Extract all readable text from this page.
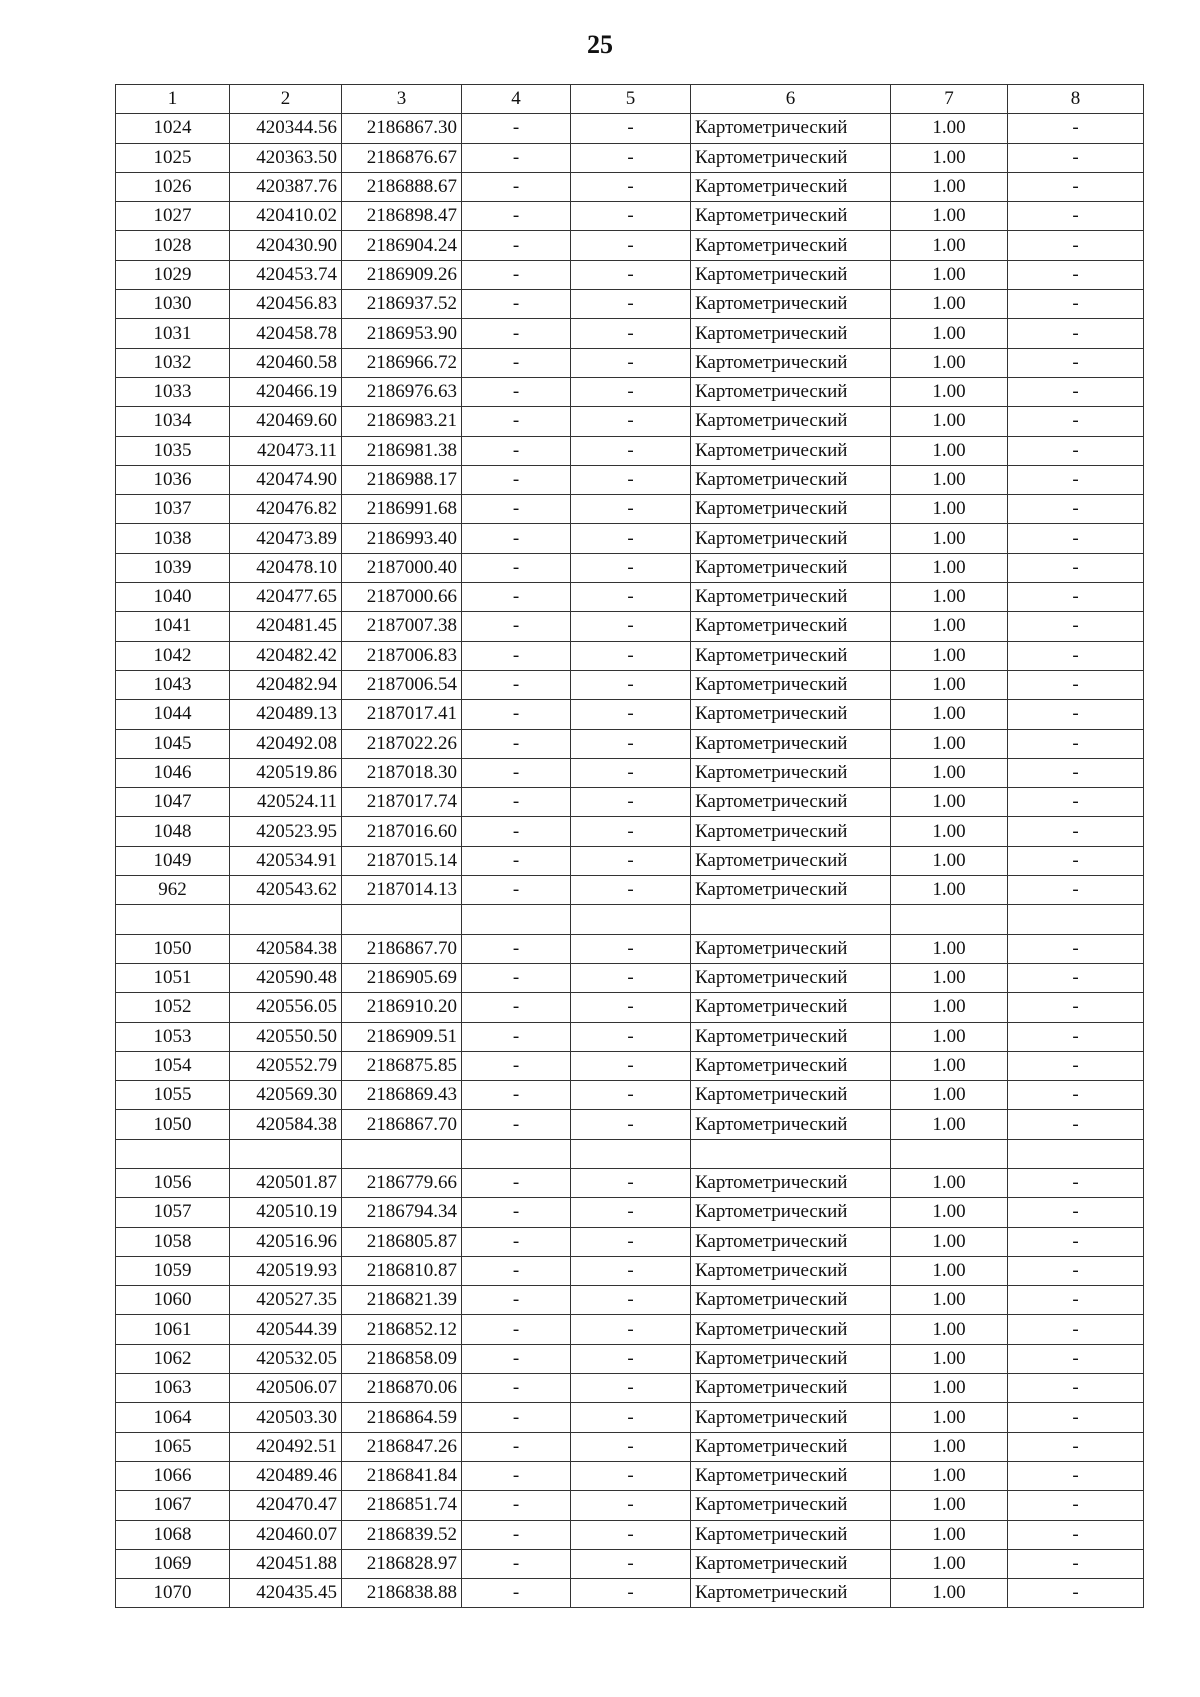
25
1	2	3	4	5	6	7	8
1024	420344.56	2186867.30	-	-	Картометрический	1.00	-
1025	420363.50	2186876.67	-	-	Картометрический	1.00	-
1026	420387.76	2186888.67	-	-	Картометрический	1.00	-
1027	420410.02	2186898.47	-	-	Картометрический	1.00	-
1028	420430.90	2186904.24	-	-	Картометрический	1.00	-
1029	420453.74	2186909.26	-	-	Картометрический	1.00	-
1030	420456.83	2186937.52	-	-	Картометрический	1.00	-
1031	420458.78	2186953.90	-	-	Картометрический	1.00	-
1032	420460.58	2186966.72	-	-	Картометрический	1.00	-
1033	420466.19	2186976.63	-	-	Картометрический	1.00	-
1034	420469.60	2186983.21	-	-	Картометрический	1.00	-
1035	420473.11	2186981.38	-	-	Картометрический	1.00	-
1036	420474.90	2186988.17	-	-	Картометрический	1.00	-
1037	420476.82	2186991.68	-	-	Картометрический	1.00	-
1038	420473.89	2186993.40	-	-	Картометрический	1.00	-
1039	420478.10	2187000.40	-	-	Картометрический	1.00	-
1040	420477.65	2187000.66	-	-	Картометрический	1.00	-
1041	420481.45	2187007.38	-	-	Картометрический	1.00	-
1042	420482.42	2187006.83	-	-	Картометрический	1.00	-
1043	420482.94	2187006.54	-	-	Картометрический	1.00	-
1044	420489.13	2187017.41	-	-	Картометрический	1.00	-
1045	420492.08	2187022.26	-	-	Картометрический	1.00	-
1046	420519.86	2187018.30	-	-	Картометрический	1.00	-
1047	420524.11	2187017.74	-	-	Картометрический	1.00	-
1048	420523.95	2187016.60	-	-	Картометрический	1.00	-
1049	420534.91	2187015.14	-	-	Картометрический	1.00	-
962	420543.62	2187014.13	-	-	Картометрический	1.00	-

1050	420584.38	2186867.70	-	-	Картометрический	1.00	-
1051	420590.48	2186905.69	-	-	Картометрический	1.00	-
1052	420556.05	2186910.20	-	-	Картометрический	1.00	-
1053	420550.50	2186909.51	-	-	Картометрический	1.00	-
1054	420552.79	2186875.85	-	-	Картометрический	1.00	-
1055	420569.30	2186869.43	-	-	Картометрический	1.00	-
1050	420584.38	2186867.70	-	-	Картометрический	1.00	-

1056	420501.87	2186779.66	-	-	Картометрический	1.00	-
1057	420510.19	2186794.34	-	-	Картометрический	1.00	-
1058	420516.96	2186805.87	-	-	Картометрический	1.00	-
1059	420519.93	2186810.87	-	-	Картометрический	1.00	-
1060	420527.35	2186821.39	-	-	Картометрический	1.00	-
1061	420544.39	2186852.12	-	-	Картометрический	1.00	-
1062	420532.05	2186858.09	-	-	Картометрический	1.00	-
1063	420506.07	2186870.06	-	-	Картометрический	1.00	-
1064	420503.30	2186864.59	-	-	Картометрический	1.00	-
1065	420492.51	2186847.26	-	-	Картометрический	1.00	-
1066	420489.46	2186841.84	-	-	Картометрический	1.00	-
1067	420470.47	2186851.74	-	-	Картометрический	1.00	-
1068	420460.07	2186839.52	-	-	Картометрический	1.00	-
1069	420451.88	2186828.97	-	-	Картометрический	1.00	-
1070	420435.45	2186838.88	-	-	Картометрический	1.00	-
